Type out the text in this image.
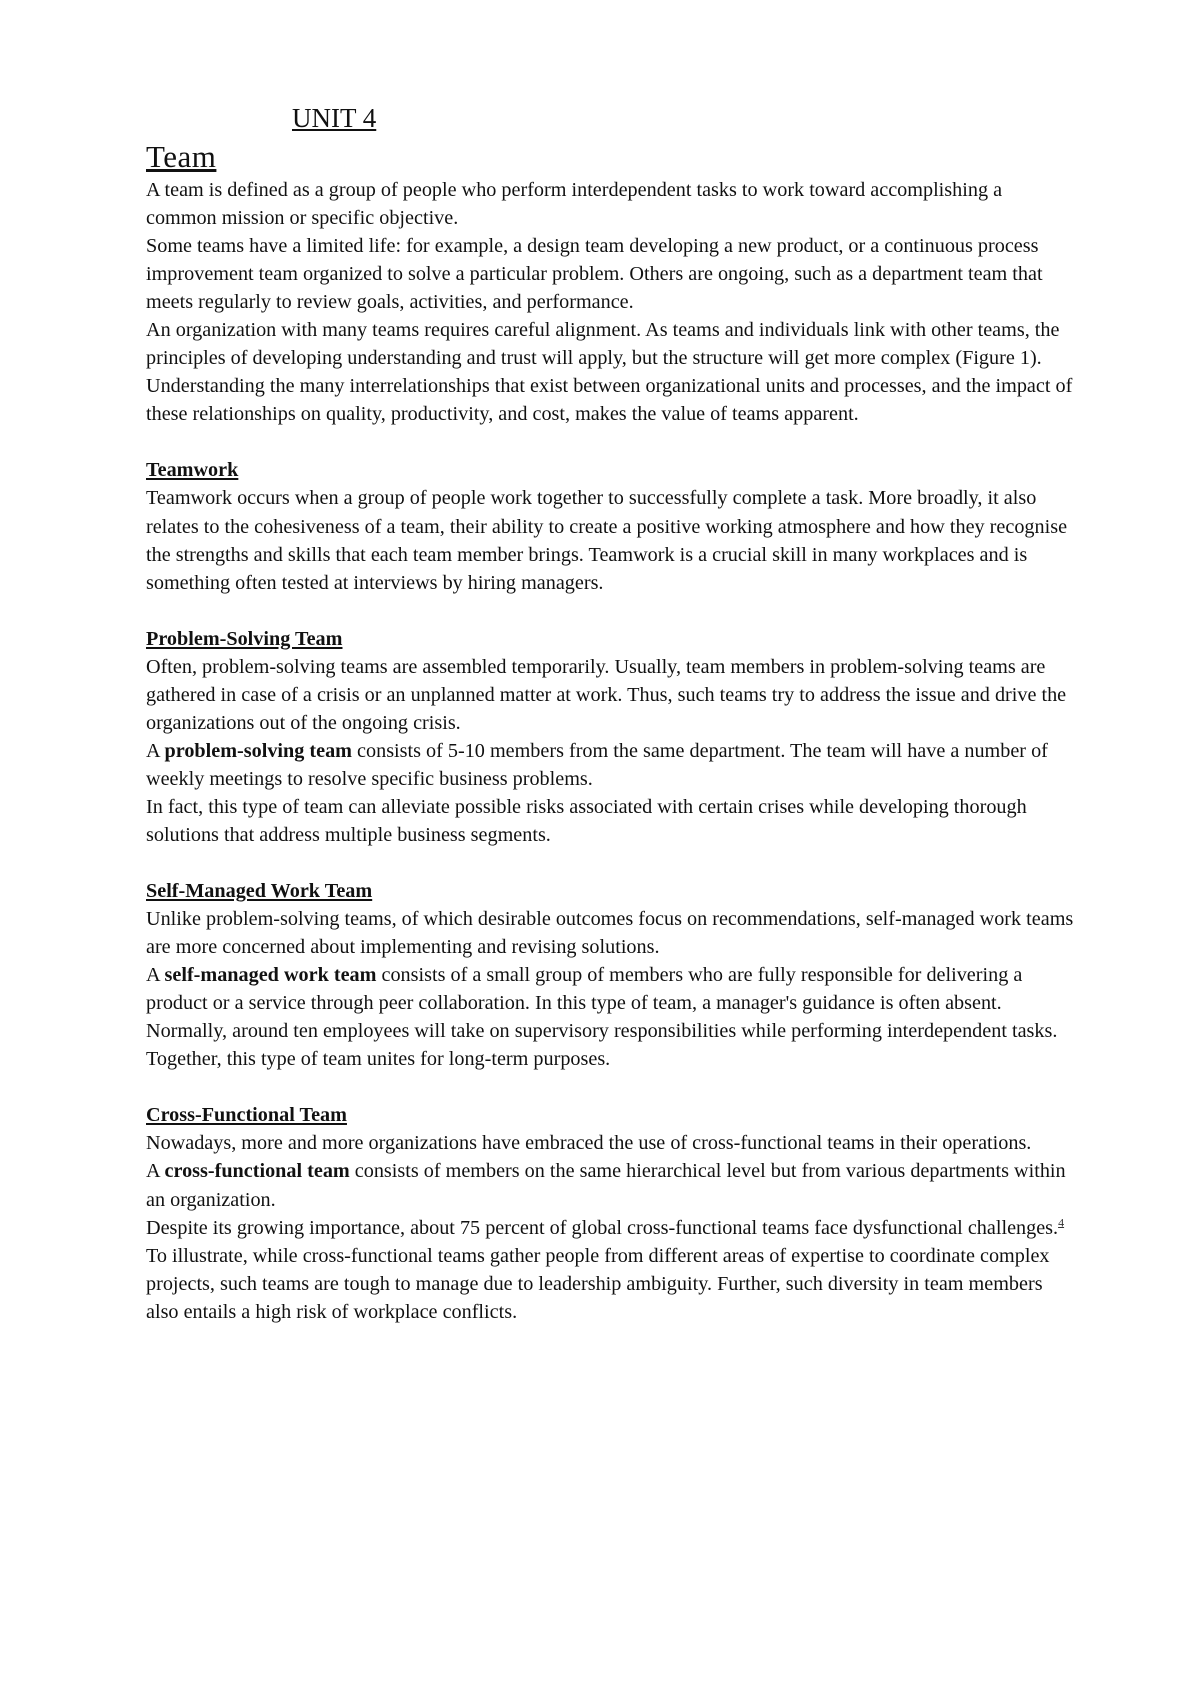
UNIT 4
Team

A team is defined as a group of people who perform interdependent tasks to work toward accomplishing a common mission or specific objective.

Some teams have a limited life: for example, a design team developing a new product, or a continuous process improvement team organized to solve a particular problem. Others are ongoing, such as a department team that meets regularly to review goals, activities, and performance.

An organization with many teams requires careful alignment. As teams and individuals link with other teams, the principles of developing understanding and trust will apply, but the structure will get more complex (Figure 1). Understanding the many interrelationships that exist between organizational units and processes, and the impact of these relationships on quality, productivity, and cost, makes the value of teams apparent.

Teamwork

Teamwork occurs when a group of people work together to successfully complete a task. More broadly, it also relates to the cohesiveness of a team, their ability to create a positive working atmosphere and how they recognise the strengths and skills that each team member brings. Teamwork is a crucial skill in many workplaces and is something often tested at interviews by hiring managers.

Problem-Solving Team

Often, problem-solving teams are assembled temporarily. Usually, team members in problem-solving teams are gathered in case of a crisis or an unplanned matter at work. Thus, such teams try to address the issue and drive the organizations out of the ongoing crisis.

A problem-solving team consists of 5-10 members from the same department. The team will have a number of weekly meetings to resolve specific business problems.

In fact, this type of team can alleviate possible risks associated with certain crises while developing thorough solutions that address multiple business segments.

Self-Managed Work Team

Unlike problem-solving teams, of which desirable outcomes focus on recommendations, self-managed work teams are more concerned about implementing and revising solutions.

A self-managed work team consists of a small group of members who are fully responsible for delivering a product or a service through peer collaboration. In this type of team, a manager's guidance is often absent.

Normally, around ten employees will take on supervisory responsibilities while performing interdependent tasks. Together, this type of team unites for long-term purposes.

Cross-Functional Team

Nowadays, more and more organizations have embraced the use of cross-functional teams in their operations.

A cross-functional team consists of members on the same hierarchical level but from various departments within an organization.

Despite its growing importance, about 75 percent of global cross-functional teams face dysfunctional challenges.$^4$ To illustrate, while cross-functional teams gather people from different areas of expertise to coordinate complex projects, such teams are tough to manage due to leadership ambiguity. Further, such diversity in team members also entails a high risk of workplace conflicts.
